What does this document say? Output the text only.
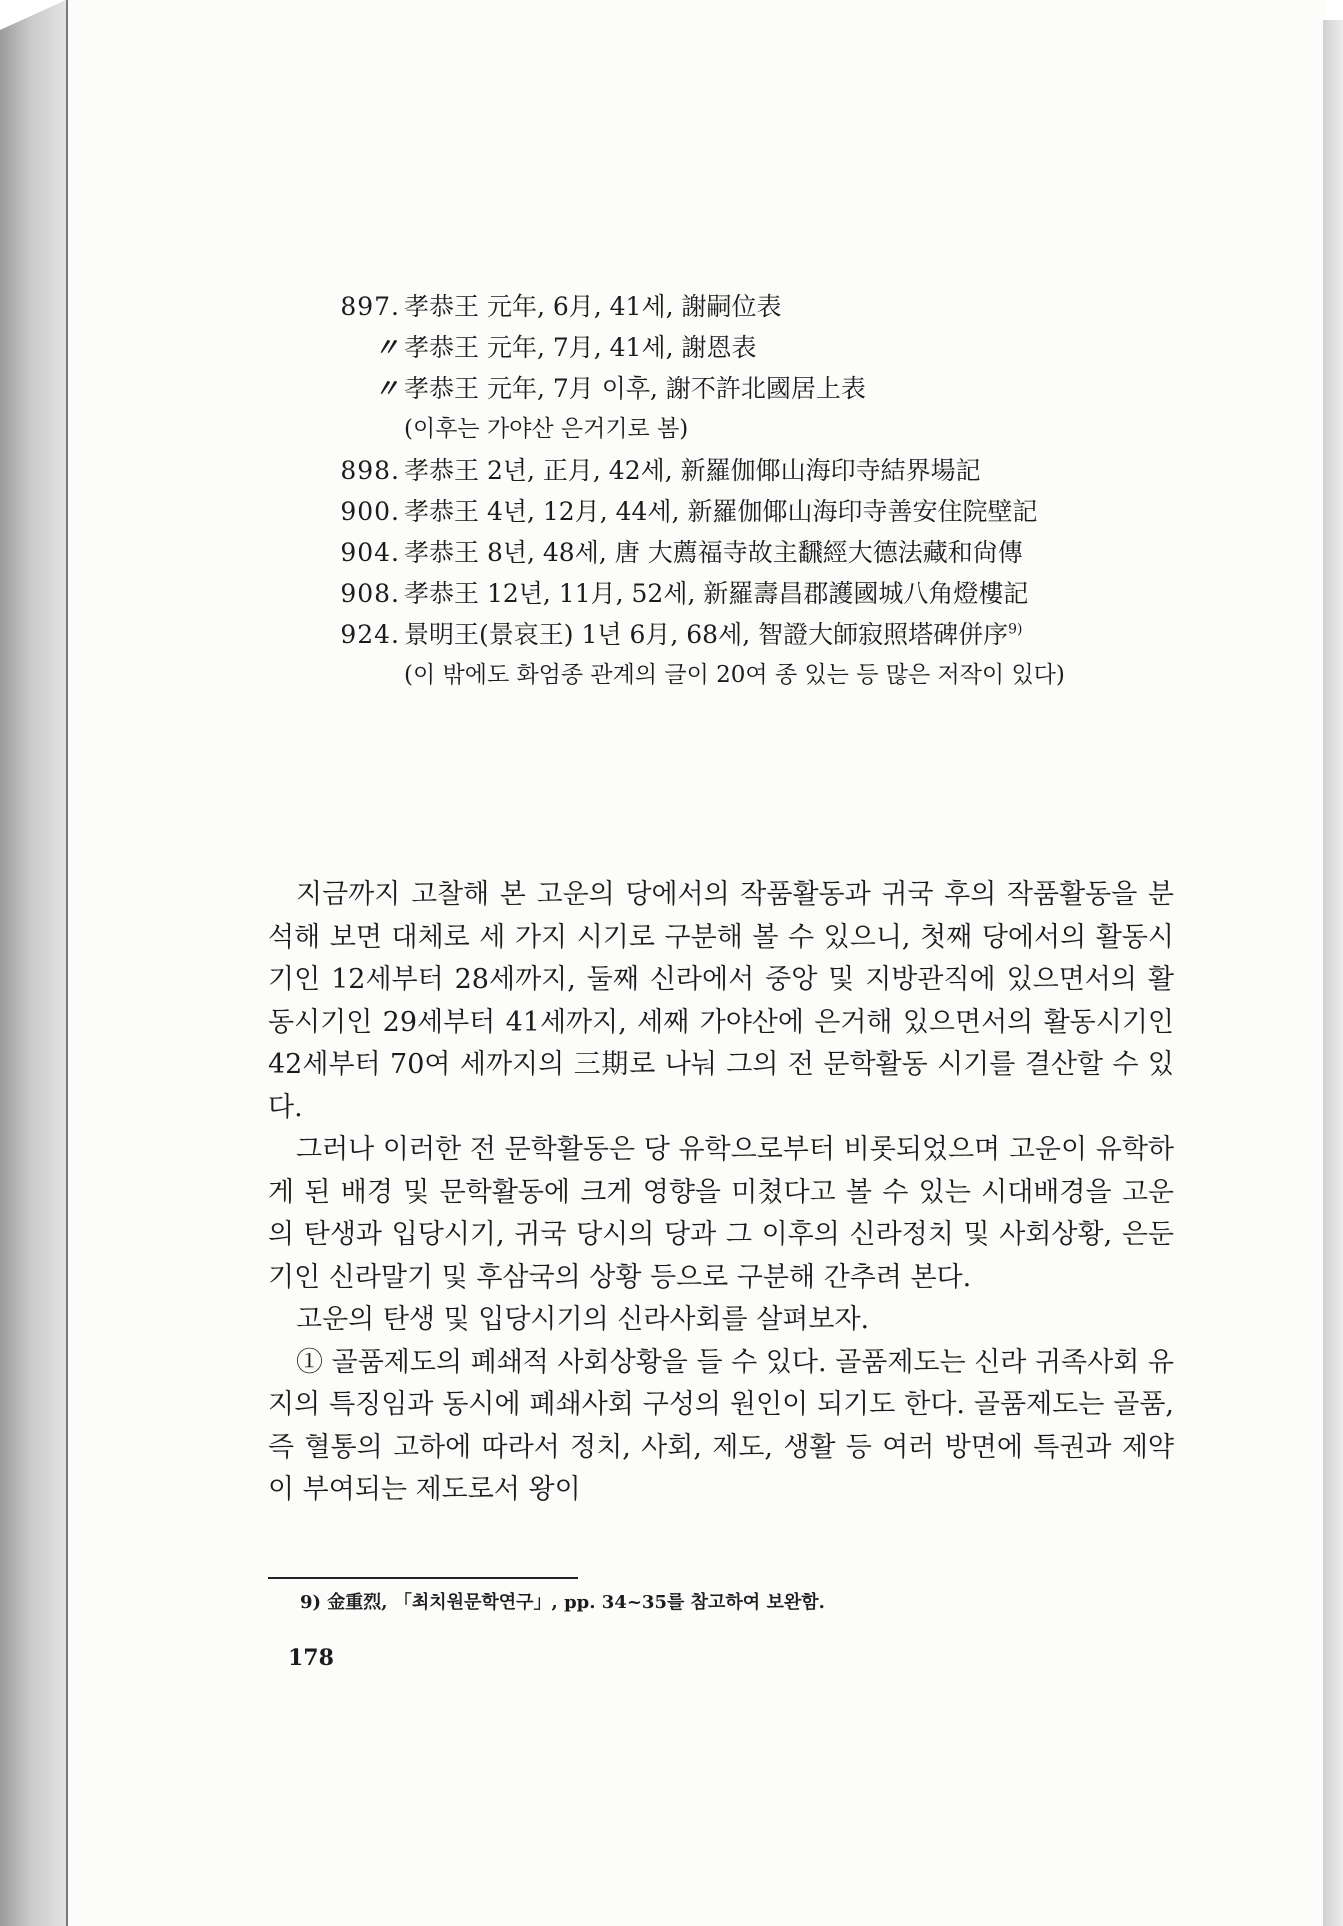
897. 孝恭王 元年, 6月, 41세, 謝嗣位表
〃 孝恭王 元年, 7月, 41세, 謝恩表
〃 孝恭王 元年, 7月 이후, 謝不許北國居上表
(이후는 가야산 은거기로 봄)
898. 孝恭王 2년, 正月, 42세, 新羅伽倻山海印寺結界場記
900. 孝恭王 4년, 12月, 44세, 新羅伽倻山海印寺善安住院壁記
904. 孝恭王 8년, 48세, 唐 大薦福寺故主飜經大德法藏和尙傳
908. 孝恭王 12년, 11月, 52세, 新羅壽昌郡護國城八角燈樓記
924. 景明王(景哀王) 1년 6月, 68세, 智證大師寂照塔碑併序$^{9)}$
(이 밖에도 화엄종 관계의 글이 20여 종 있는 등 많은 저작이 있다)

지금까지 고찰해 본 고운의 당에서의 작품활동과 귀국 후의 작품활동을 분석해 보면 대체로 세 가지 시기로 구분해 볼 수 있으니, 첫째 당에서의 활동시기인 12세부터 28세까지, 둘째 신라에서 중앙 및 지방관직에 있으면서의 활동시기인 29세부터 41세까지, 세째 가야산에 은거해 있으면서의 활동시기인 42세부터 70여 세까지의 三期로 나눠 그의 전 문학활동 시기를 결산할 수 있다.

그러나 이러한 전 문학활동은 당 유학으로부터 비롯되었으며 고운이 유학하게 된 배경 및 문학활동에 크게 영향을 미쳤다고 볼 수 있는 시대배경을 고운의 탄생과 입당시기, 귀국 당시의 당과 그 이후의 신라정치 및 사회상황, 은둔기인 신라말기 및 후삼국의 상황 등으로 구분해 간추려 본다.

고운의 탄생 및 입당시기의 신라사회를 살펴보자.

① 골품제도의 폐쇄적 사회상황을 들 수 있다. 골품제도는 신라 귀족사회 유지의 특징임과 동시에 폐쇄사회 구성의 원인이 되기도 한다. 골품제도는 골품, 즉 혈통의 고하에 따라서 정치, 사회, 제도, 생활 등 여러 방면에 특권과 제약이 부여되는 제도로서 왕이

9) 金重烈, 「최치원문학연구」, pp. 34~35를 참고하여 보완함.
178
